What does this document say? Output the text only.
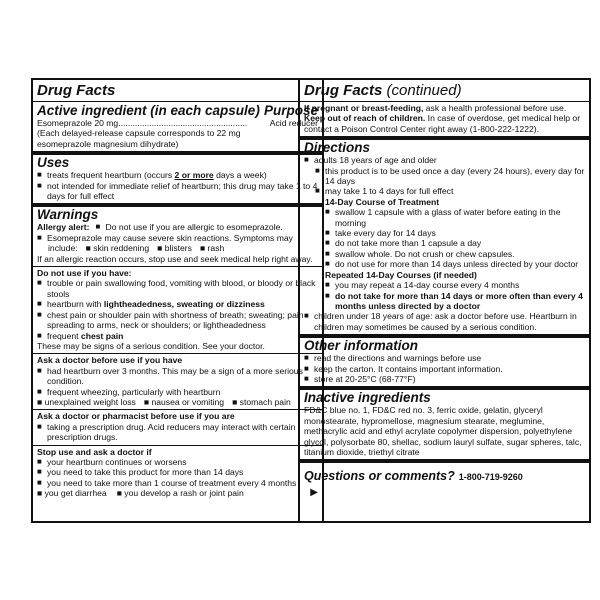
Drug Facts
Active ingredient (in each capsule) Purpose
Esomeprazole 20 mg......................................................	Acid reducer
(Each delayed-release capsule corresponds to 22 mg esomeprazole magnesium dihydrate)
Uses
■ treats frequent heartburn (occurs 2 or more days a week)
■ not intended for immediate relief of heartburn; this drug may take 1 to 4 days for full effect
Warnings
Allergy alert: ■ Do not use if you are allergic to esomeprazole.
■ Esomeprazole may cause severe skin reactions. Symptoms may
include: ■ skin reddening ■ blisters ■ rash
If an allergic reaction occurs, stop use and seek medical help right away.
Do not use if you have:
■ trouble or pain swallowing food, vomiting with blood, or bloody or black stools
■ heartburn with lightheadedness, sweating or dizziness
■ chest pain or shoulder pain with shortness of breath; sweating; pain spreading to arms, neck or shoulders; or lightheadedness
■ frequent chest pain
These may be signs of a serious condition. See your doctor.
Ask a doctor before use if you have
■ had heartburn over 3 months. This may be a sign of a more serious condition.
■ frequent wheezing, particularly with heartburn
■ unexplained weight loss ■ nausea or vomiting ■ stomach pain
Ask a doctor or pharmacist before use if you are
■ taking a prescription drug. Acid reducers may interact with certain prescription drugs.
Stop use and ask a doctor if
■ your heartburn continues or worsens
■ you need to take this product for more than 14 days
■ you need to take more than 1 course of treatment every 4 months
■ you get diarrhea ■ you develop a rash or joint pain	▶
Drug Facts (continued)
If pregnant or breast-feeding, ask a health professional before use.
Keep out of reach of children. In case of overdose, get medical help or contact a Poison Control Center right away (1-800-222-1222).
Directions
■ adults 18 years of age and older
■ this product is to be used once a day (every 24 hours), every day for 14 days
■ may take 1 to 4 days for full effect
14-Day Course of Treatment
■ swallow 1 capsule with a glass of water before eating in the morning
■ take every day for 14 days
■ do not take more than 1 capsule a day
■ swallow whole. Do not crush or chew capsules.
■ do not use for more than 14 days unless directed by your doctor
Repeated 14-Day Courses (if needed)
■ you may repeat a 14-day course every 4 months
■ do not take for more than 14 days or more often than every 4 months unless directed by a doctor
■ children under 18 years of age: ask a doctor before use. Heartburn in children may sometimes be caused by a serious condition.
Other information
■ read the directions and warnings before use
■ keep the carton. It contains important information.
■ store at 20-25°C (68-77°F)
Inactive ingredients
FD&C blue no. 1, FD&C red no. 3, ferric oxide, gelatin, glyceryl monostearate, hypromellose, magnesium stearate, meglumine, methacrylic acid and ethyl acrylate copolymer dispersion, polyethylene glycol, polysorbate 80, shellac, sodium lauryl sulfate, sugar spheres, talc, titanium dioxide, triethyl citrate
Questions or comments? 1-800-719-9260
